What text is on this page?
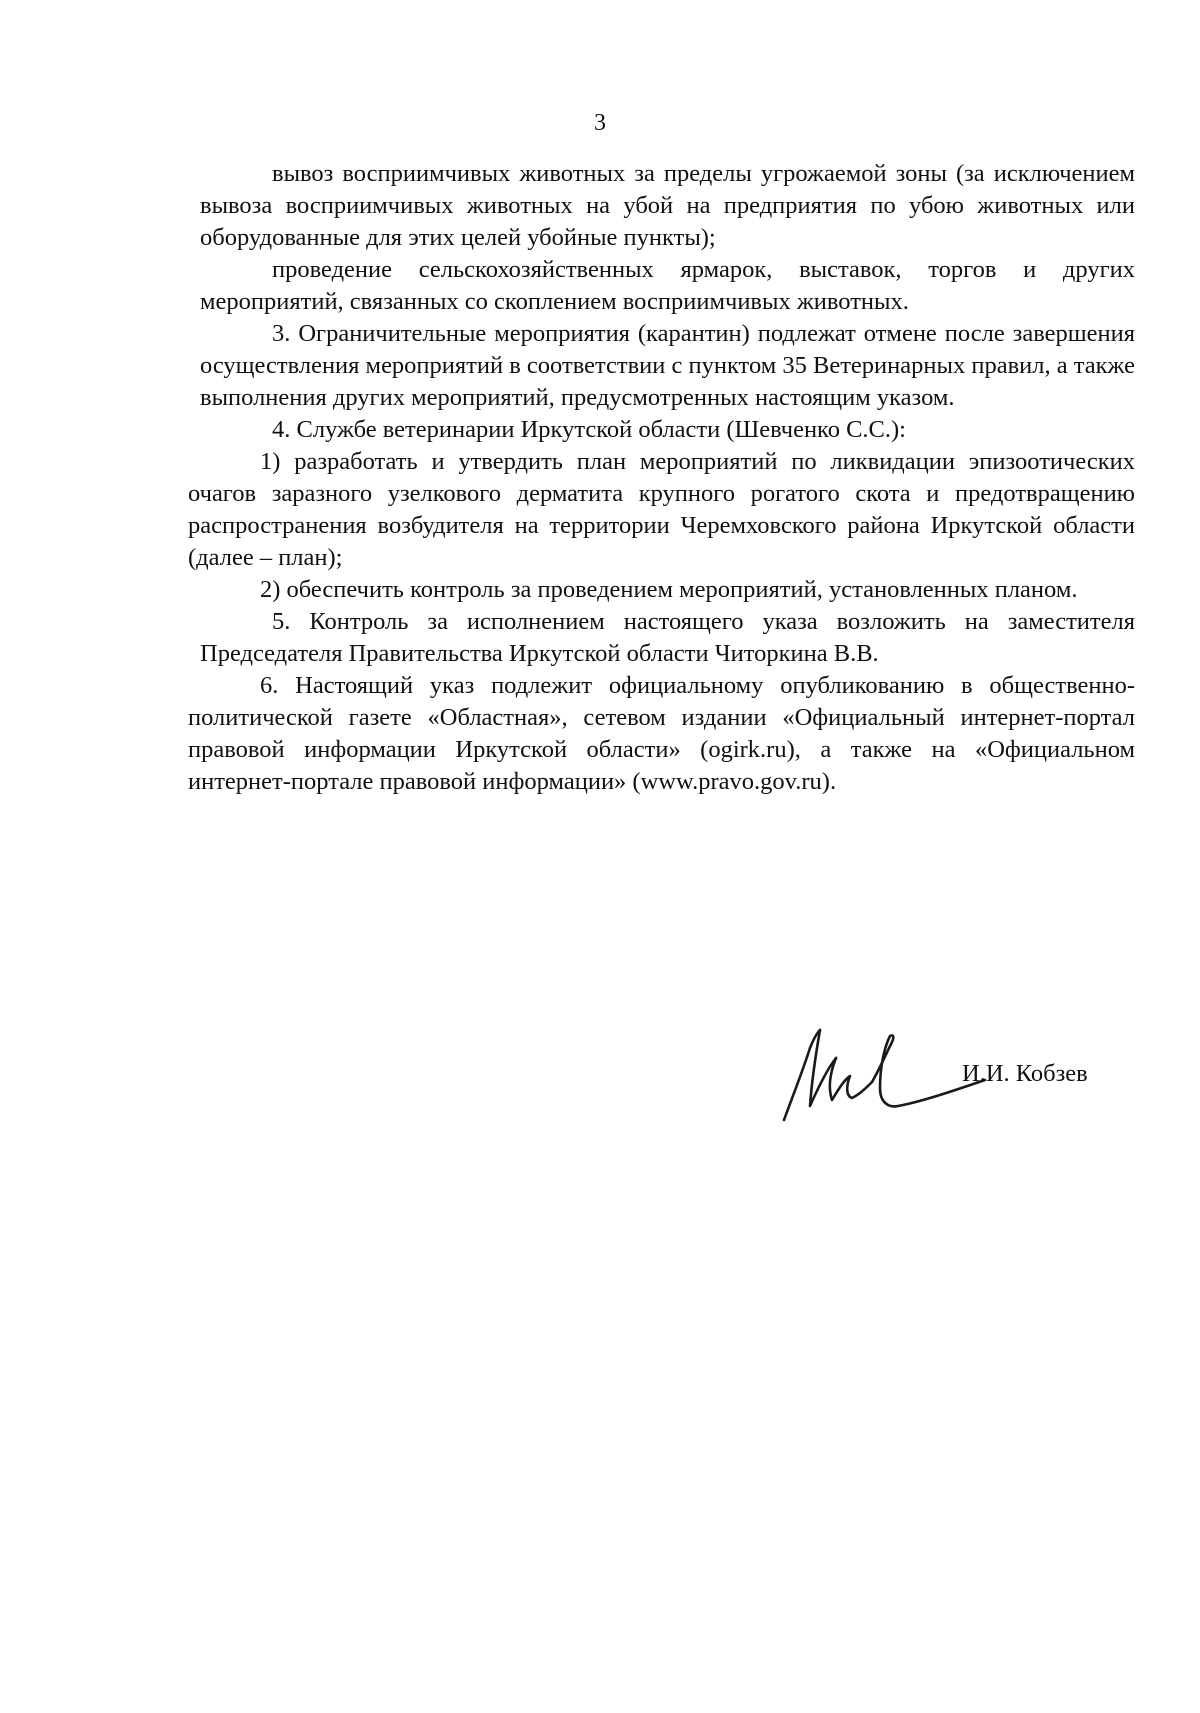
3

вывоз восприимчивых животных за пределы угрожаемой зоны (за исключением вывоза восприимчивых животных на убой на предприятия по убою животных или оборудованные для этих целей убойные пункты);

проведение сельскохозяйственных ярмарок, выставок, торгов и других мероприятий, связанных со скоплением восприимчивых животных.

3. Ограничительные мероприятия (карантин) подлежат отмене после завершения осуществления мероприятий в соответствии с пунктом 35 Ветеринарных правил, а также выполнения других мероприятий, предусмотренных настоящим указом.

4. Службе ветеринарии Иркутской области (Шевченко С.С.):

1) разработать и утвердить план мероприятий по ликвидации эпизоотических очагов заразного узелкового дерматита крупного рогатого скота и предотвращению распространения возбудителя на территории Черемховского района Иркутской области (далее – план);

2) обеспечить контроль за проведением мероприятий, установленных планом.

5. Контроль за исполнением настоящего указа возложить на заместителя Председателя Правительства Иркутской области Читоркина В.В.

6. Настоящий указ подлежит официальному опубликованию в общественно-политической газете «Областная», сетевом издании «Официальный интернет-портал правовой информации Иркутской области» (ogirk.ru), а также на «Официальном интернет-портале правовой информации» (www.pravo.gov.ru).

И.И. Кобзев
